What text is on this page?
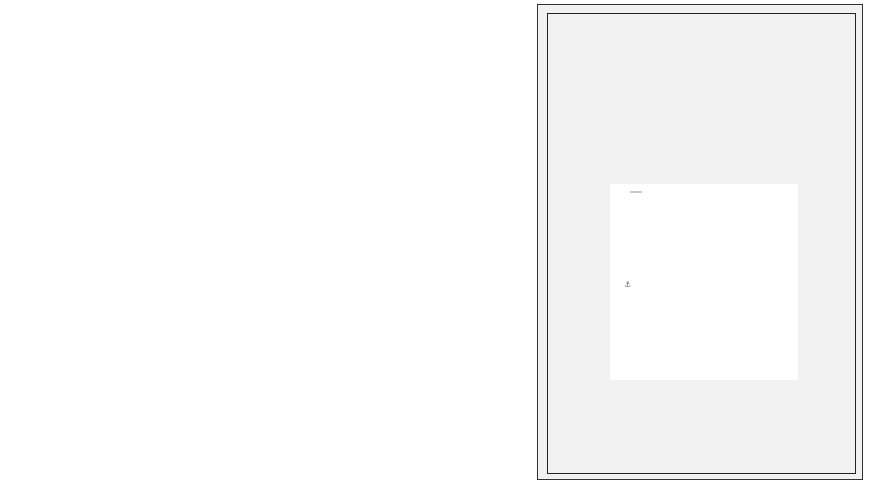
⚓
